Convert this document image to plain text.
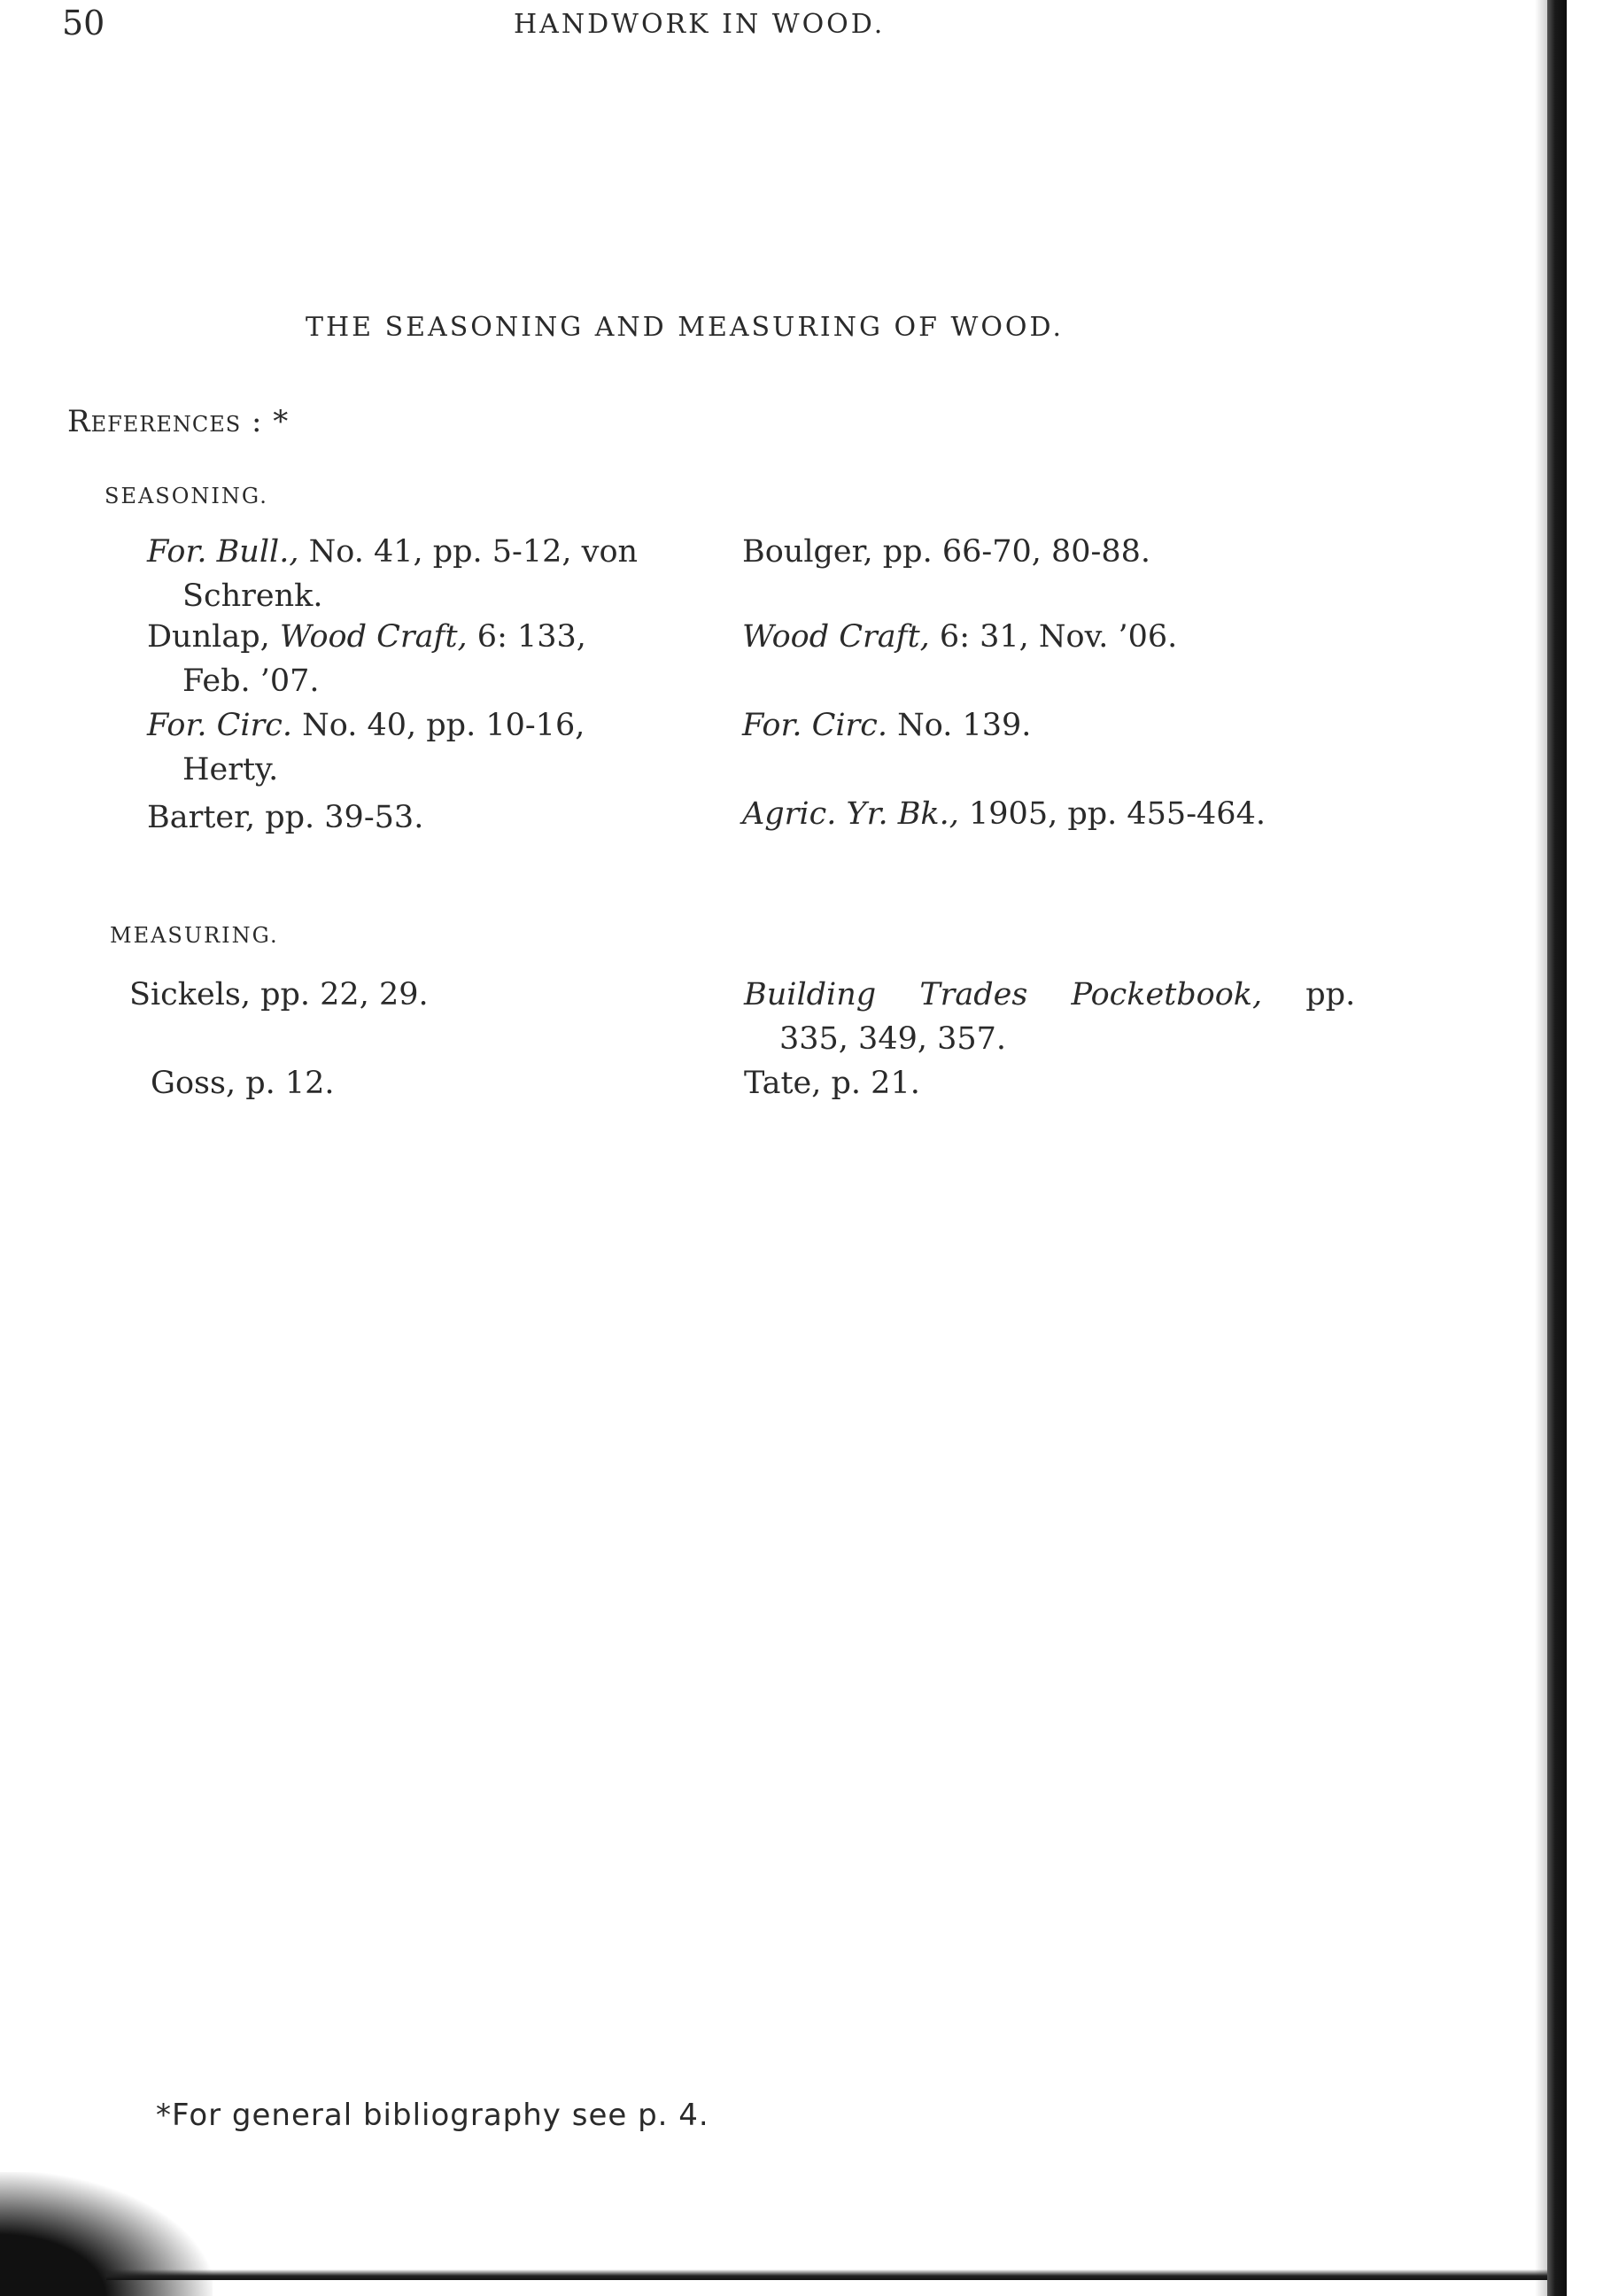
50	HANDWORK IN WOOD.
THE SEASONING AND MEASURING OF WOOD.
References : *
SEASONING.
For. Bull., No. 41, pp. 5-12, von
Schrenk.
Dunlap, Wood Craft, 6: 133,
Feb. ’07.
For. Circ. No. 40, pp. 10-16,
Herty.
Barter, pp. 39-53.
Boulger, pp. 66-70, 80-88.
Wood Craft, 6: 31, Nov. ’06.
For. Circ. No. 139.
Agric. Yr. Bk., 1905, pp. 455-464.
MEASURING.
Sickels, pp. 22, 29.
Goss, p. 12.
Building Trades Pocketbook, pp.
335, 349, 357.
Tate, p. 21.
*For general bibliography see p. 4.
